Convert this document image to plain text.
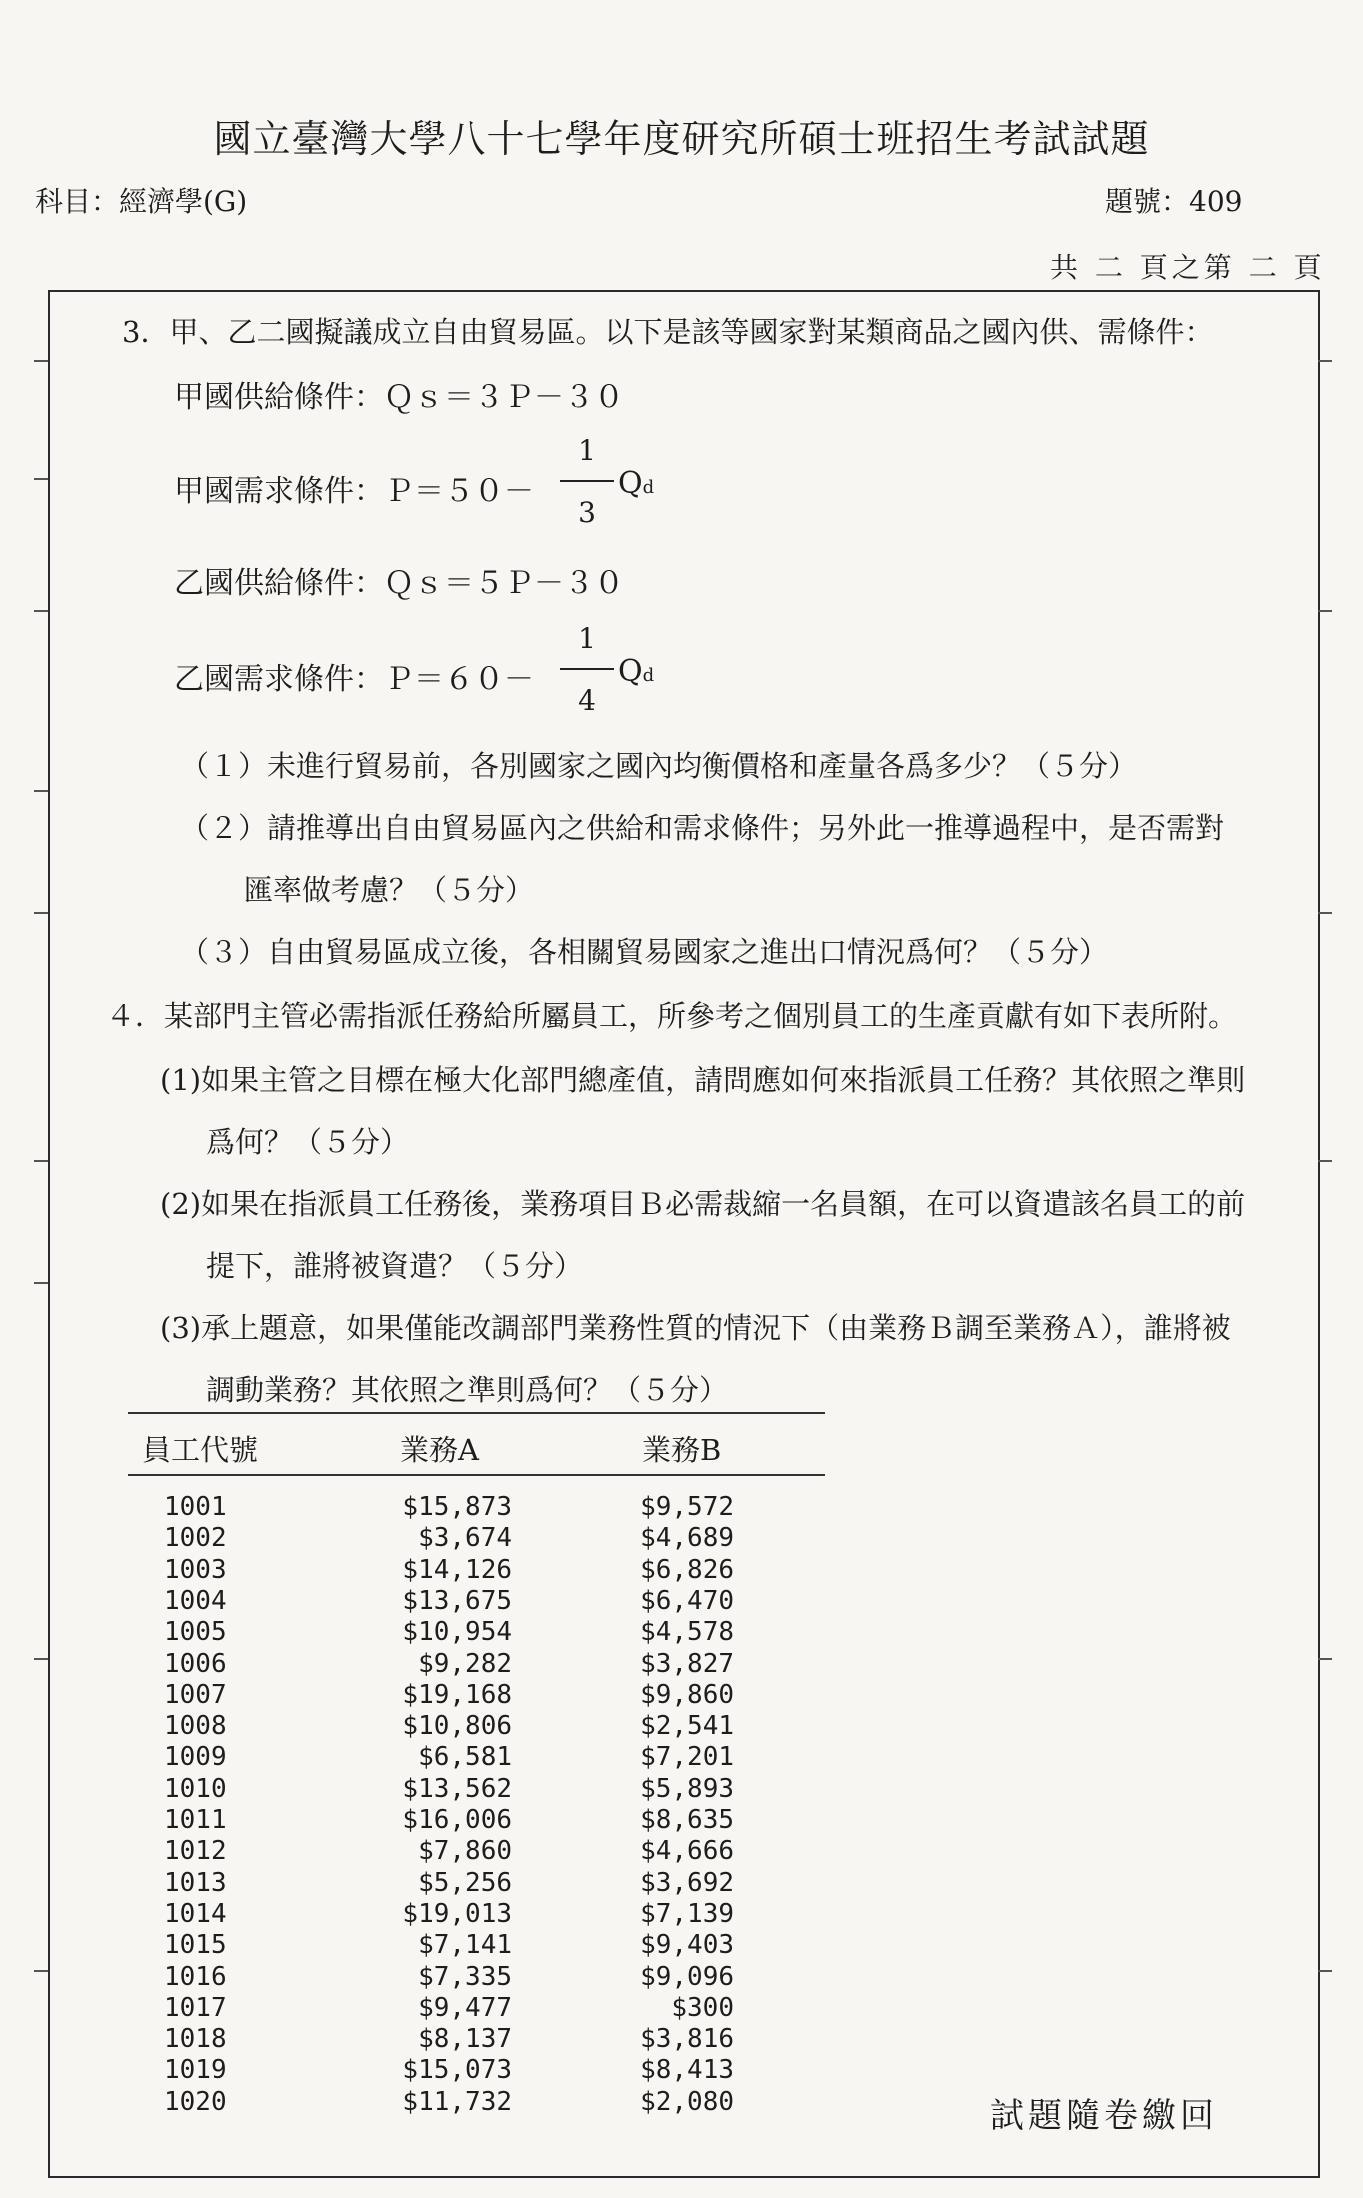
國立臺灣大學八十七學年度研究所碩士班招生考試試題
科目：經濟學(G)	題號：409
共 二 頁之第 二 頁
3．甲、乙二國擬議成立自由貿易區。以下是該等國家對某類商品之國內供、需條件：
甲國供給條件：Ｑｓ＝３Ｐ－３０
甲國需求條件：Ｐ＝５０－
1
3
Qd
乙國供給條件：Ｑｓ＝５Ｐ－３０
乙國需求條件：Ｐ＝６０－
1
4
Qd
（１）未進行貿易前，各別國家之國內均衡價格和產量各爲多少？（５分）
（２）請推導出自由貿易區內之供給和需求條件；另外此一推導過程中，是否需對
匯率做考慮？（５分）
（３）自由貿易區成立後，各相關貿易國家之進出口情況爲何？（５分）
４．某部門主管必需指派任務給所屬員工，所參考之個別員工的生產貢獻有如下表所附。
(1)如果主管之目標在極大化部門總產值，請問應如何來指派員工任務？其依照之準則
爲何？（５分）
(2)如果在指派員工任務後，業務項目Ｂ必需裁縮一名員額，在可以資遣該名員工的前
提下，誰將被資遣？（５分）
(3)承上題意，如果僅能改調部門業務性質的情況下（由業務Ｂ調至業務Ａ），誰將被
調動業務？其依照之準則爲何？（５分）
員工代號	業務A	業務B
1001	$15,873	$9,572
1002	$3,674	$4,689
1003	$14,126	$6,826
1004	$13,675	$6,470
1005	$10,954	$4,578
1006	$9,282	$3,827
1007	$19,168	$9,860
1008	$10,806	$2,541
1009	$6,581	$7,201
1010	$13,562	$5,893
1011	$16,006	$8,635
1012	$7,860	$4,666
1013	$5,256	$3,692
1014	$19,013	$7,139
1015	$7,141	$9,403
1016	$7,335	$9,096
1017	$9,477	$300
1018	$8,137	$3,816
1019	$15,073	$8,413
1020	$11,732	$2,080	試題隨卷繳回
